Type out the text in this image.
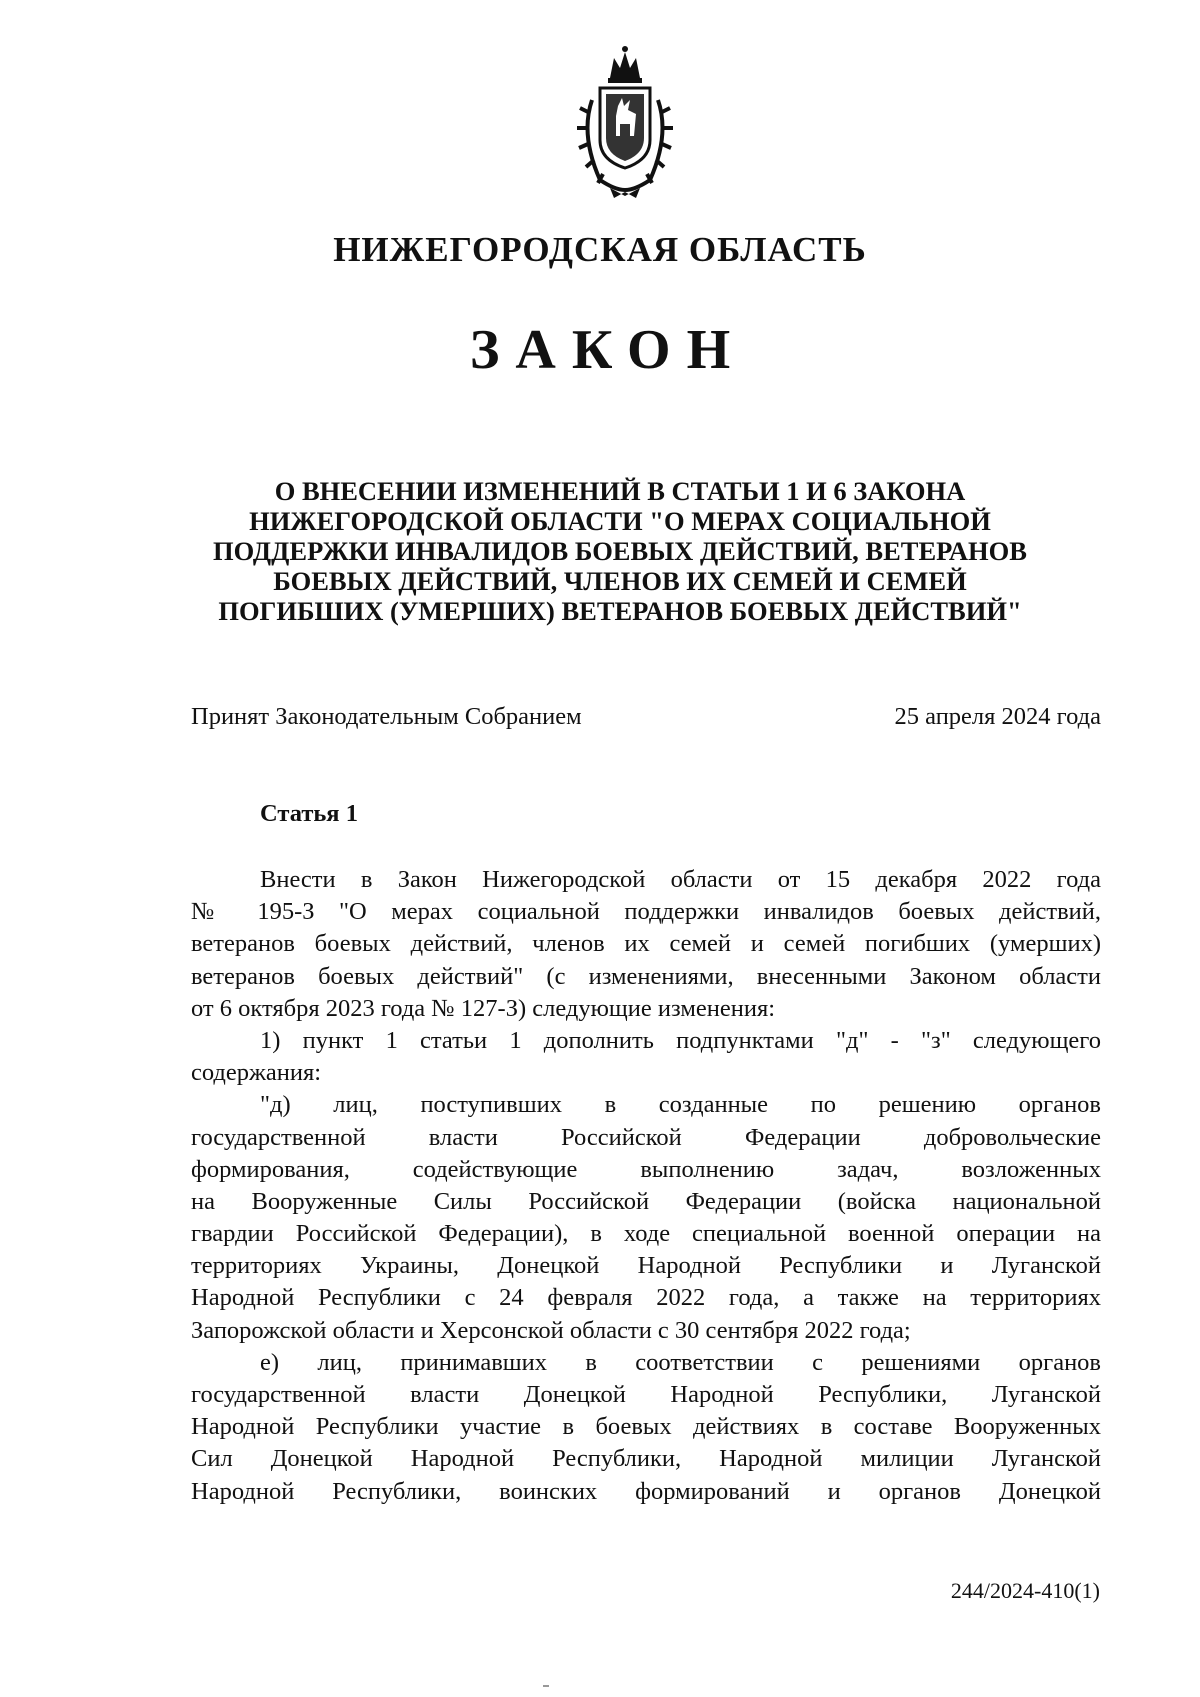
НИЖЕГОРОДСКАЯ ОБЛАСТЬ
ЗАКОН
О ВНЕСЕНИИ ИЗМЕНЕНИЙ В СТАТЬИ 1 И 6 ЗАКОНА
НИЖЕГОРОДСКОЙ ОБЛАСТИ "О МЕРАХ СОЦИАЛЬНОЙ
ПОДДЕРЖКИ ИНВАЛИДОВ БОЕВЫХ ДЕЙСТВИЙ, ВЕТЕРАНОВ
БОЕВЫХ ДЕЙСТВИЙ, ЧЛЕНОВ ИХ СЕМЕЙ И СЕМЕЙ
ПОГИБШИХ (УМЕРШИХ) ВЕТЕРАНОВ БОЕВЫХ ДЕЙСТВИЙ"
Принят Законодательным Собранием	25 апреля 2024 года
Статья 1
Внести в Закон Нижегородской области от 15 декабря 2022 года
№ 195-З "О мерах социальной поддержки инвалидов боевых действий,
ветеранов боевых действий, членов их семей и семей погибших (умерших)
ветеранов боевых действий" (с изменениями, внесенными Законом области
от 6 октября 2023 года № 127-З) следующие изменения:
1) пункт 1 статьи 1 дополнить подпунктами "д" - "з" следующего
содержания:
"д) лиц, поступивших в созданные по решению органов
государственной власти Российской Федерации добровольческие
формирования, содействующие выполнению задач, возложенных
на Вооруженные Силы Российской Федерации (войска национальной
гвардии Российской Федерации), в ходе специальной военной операции на
территориях Украины, Донецкой Народной Республики и Луганской
Народной Республики с 24 февраля 2022 года, а также на территориях
Запорожской области и Херсонской области с 30 сентября 2022 года;
е) лиц, принимавших в соответствии с решениями органов
государственной власти Донецкой Народной Республики, Луганской
Народной Республики участие в боевых действиях в составе Вооруженных
Сил Донецкой Народной Республики, Народной милиции Луганской
Народной Республики, воинских формирований и органов Донецкой
244/2024-410(1)
